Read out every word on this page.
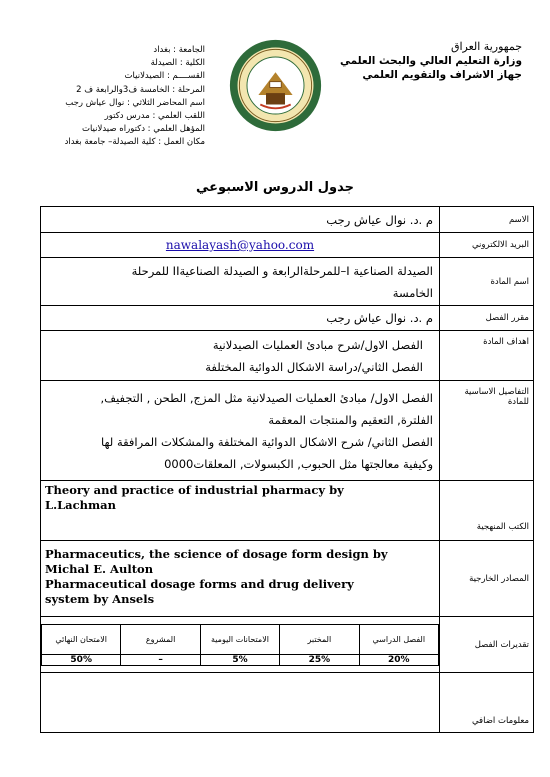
جمهورية العراق
وزارة التعليم العالي والبحث العلمي
جهاز الاشراف والتقويم العلمي
الجامعة : بغداد
الكلية : الصيدلة
القســــم : الصيدلانيات
المرحلة : الخامسة ف3والرابعة ف 2
اسم المحاضر الثلاثي : نوال عياش رجب
اللقب العلمي : مدرس دكتور
المؤهل العلمي : دكتوراه صيدلانيات
مكان العمل : كلية الصيدلة– جامعة بغداد
جدول الدروس الاسبوعي
م .د. نوال عياش رجب	الاسم
nawalayash@yahoo.com	البريد الالكتروني

الصيدلة الصناعية I–للمرحلةالرابعة و الصيدلة الصناعيةII للمرحلة
الخامسة
	اسم المادة
م .د. نوال عياش رجب	مقرر الفصل

الفصل الاول/شرح مبادئ العمليات الصيدلانية
الفصل الثاني/دراسة الاشكال الدوائية المختلفة
	اهداف المادة

الفصل الاول/ مبادئ العمليات الصيدلانية مثل المزج, الطحن , التجفيف,
الفلترة, التعقيم والمنتجات المعقمة
الفصل الثاني/ شرح الاشكال الدوائية المختلفة والمشكلات المرافقة لها
وكيفية معالجتها مثل الحبوب, الكبسولات, المعلقات0000
	التفاصيل الاساسية للمادة

Theory and practice of industrial pharmacy by
L.Lachman
	الكتب المنهجية

Pharmaceutics, the science of dosage form design by
Michal E. Aulton
Pharmaceutical dosage forms and drug delivery
system by Ansels
	المصادر الخارجية

الامتحان النهائي	المشروع	الامتحانات اليومية	المختبر	الفصل الدراسي
50%	–	5%	25%	20%
	تقديرات الفصل
	معلومات اضافي
